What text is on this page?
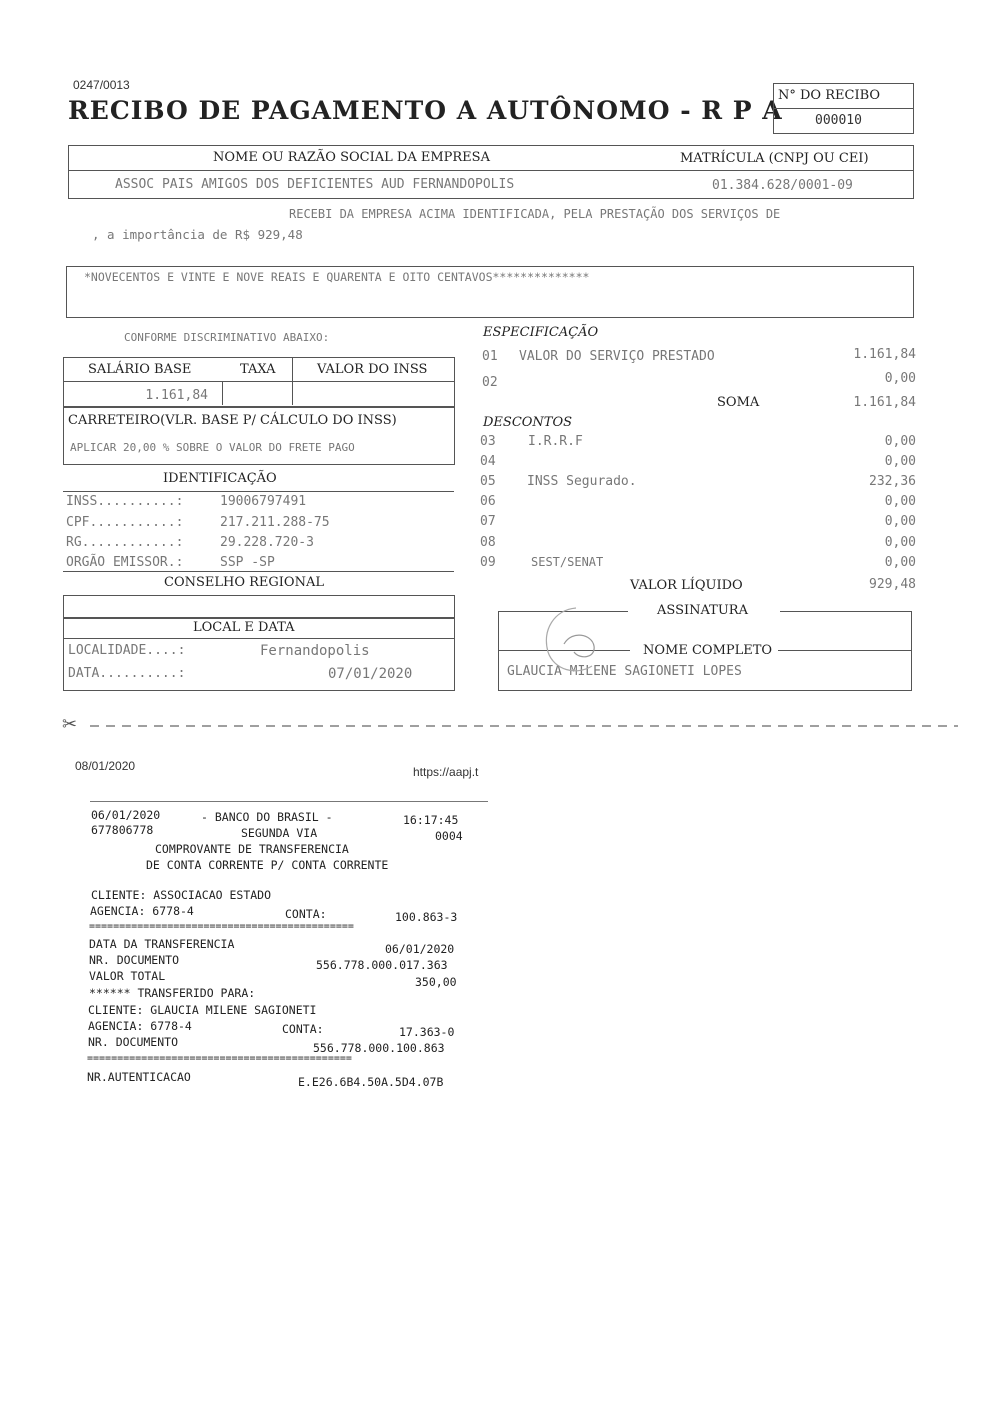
0247/0013
RECIBO DE PAGAMENTO A AUTÔNOMO - R P A
N° DO RECIBO
000010
NOME OU RAZÃO SOCIAL DA EMPRESA	MATRÍCULA (CNPJ OU CEI)
ASSOC PAIS AMIGOS DOS DEFICIENTES AUD FERNANDOPOLIS	01.384.628/0001-09
RECEBI DA EMPRESA ACIMA IDENTIFICADA, PELA PRESTAÇÃO DOS SERVIÇOS DE
, a importância de R$ 929,48
*NOVECENTOS E VINTE E NOVE REAIS E QUARENTA E OITO CENTAVOS**************
CONFORME DISCRIMINATIVO ABAIXO:
SALÁRIO BASE	TAXA	VALOR DO INSS
1.161,84
CARRETEIRO(VLR. BASE P/ CÁLCULO DO INSS)
APLICAR 20,00 % SOBRE O VALOR DO FRETE PAGO
IDENTIFICAÇÃO
INSS..........:	19006797491
CPF...........:	217.211.288-75
RG............:	29.228.720-3
ORGÃO EMISSOR.:	SSP -SP
CONSELHO REGIONAL
LOCAL E DATA
LOCALIDADE....:	Fernandopolis
DATA..........:	07/01/2020
ESPECIFICAÇÃO
01 VALOR DO SERVIÇO PRESTADO	1.161,84
02	0,00
SOMA	1.161,84
DESCONTOS
03 I.R.R.F	0,00
04	0,00
05 INSS Segurado.	232,36
06	0,00
07	0,00
08	0,00
09	SEST/SENAT	0,00
VALOR LÍQUIDO	929,48
ASSINATURA
NOME COMPLETO
GLAUCIA MILENE SAGIONETI LOPES
✂
08/01/2020	https://aapj.t
06/01/2020	- BANCO DO BRASIL -	16:17:45
677806778	SEGUNDA VIA	0004
COMPROVANTE DE TRANSFERENCIA
DE CONTA CORRENTE P/ CONTA CORRENTE
CLIENTE: ASSOCIACAO ESTADO
AGENCIA: 6778-4	CONTA:	100.863-3
============================================
DATA DA TRANSFERENCIA	06/01/2020
NR. DOCUMENTO	556.778.000.017.363
VALOR TOTAL	350,00
****** TRANSFERIDO PARA:
CLIENTE: GLAUCIA MILENE SAGIONETI
AGENCIA: 6778-4	CONTA:	17.363-0
NR. DOCUMENTO	556.778.000.100.863
============================================
NR.AUTENTICACAO	E.E26.6B4.50A.5D4.07B
